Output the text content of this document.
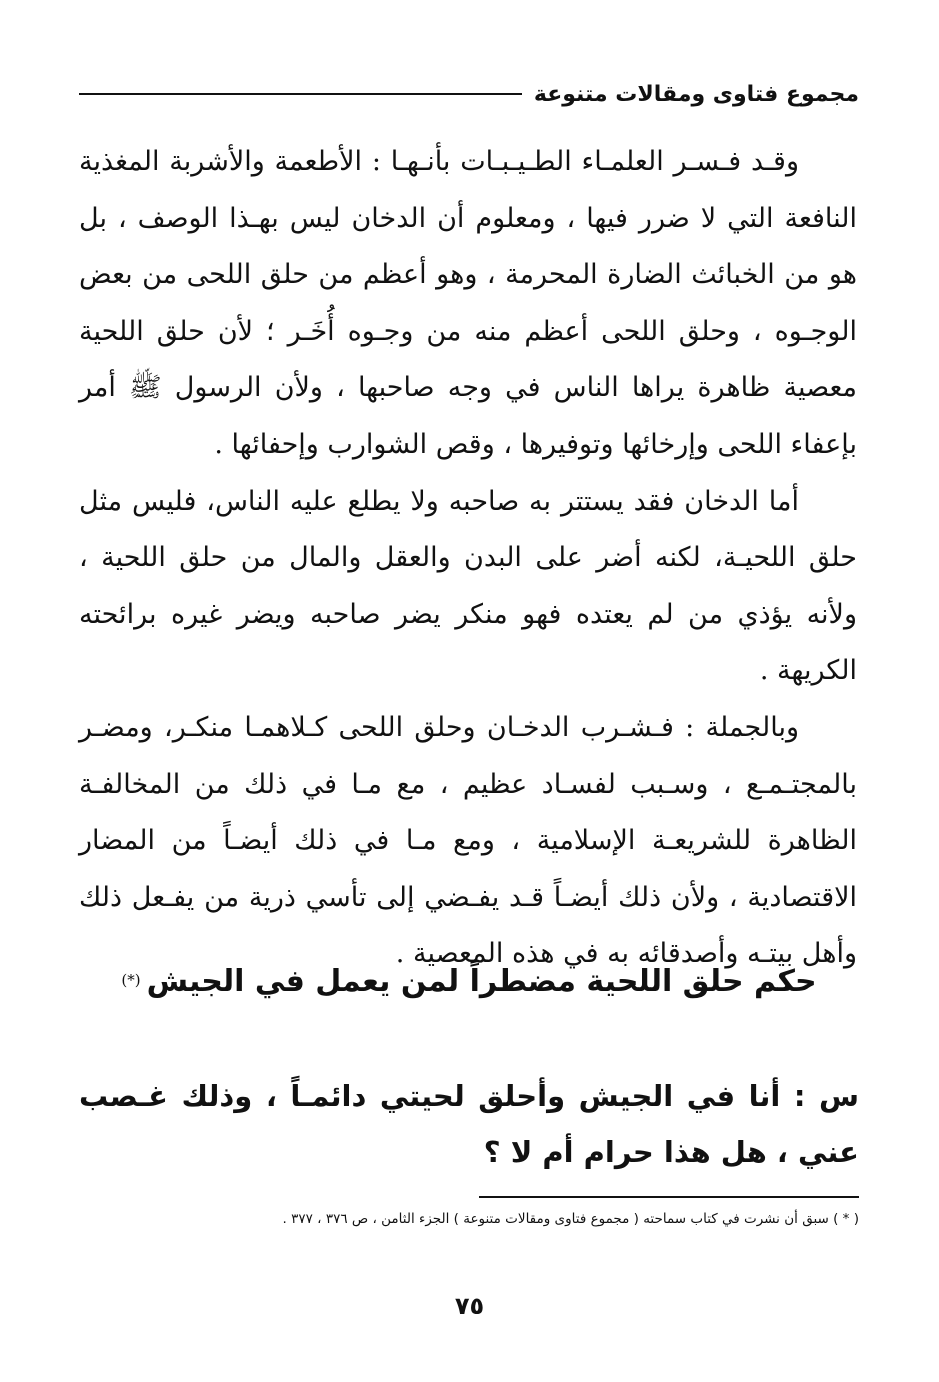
مجموع فتاوى ومقالات متنوعة

وقـد فـسـر العلمـاء الطـيـبـات بأنـهـا : الأطعمة والأشربة المغذية النافعة التي لا ضرر فيها ، ومعلوم أن الدخان ليس بهـذا الوصف ، بل هو من الخبائث الضارة المحرمة ، وهو أعظم من حلق اللحى من بعض الوجـوه ، وحلق اللحى أعظم منه من وجـوه أُخَـر ؛ لأن حلق اللحية معصية ظاهرة يراها الناس في وجه صاحبها ، ولأن الرسول ﷺ أمر بإعفاء اللحى وإرخائها وتوفيرها ، وقص الشوارب وإحفائها .

أما الدخان فقد يستتر به صاحبه ولا يطلع عليه الناس، فليس مثل حلق اللحيـة، لكنه أضر على البدن والعقل والمال من حلق اللحية ، ولأنه يؤذي من لم يعتده فهو منكر يضر صاحبه ويضر غيره برائحته الكريهة .

وبالجملة : فـشـرب الدخـان وحلق اللحى كـلاهمـا منكـر، ومضـر بالمجتـمـع ، وسـبب لفسـاد عظيم ، مع مـا في ذلك من المخالفـة الظاهرة للشريعـة الإسلامية ، ومع مـا في ذلك أيضـاً من المضار الاقتصادية ، ولأن ذلك أيضـاً قـد يفـضي إلى تأسي ذرية من يفـعل ذلك وأهل بيتـه وأصدقائه به في هذه المعصية .

حكم حلق اللحية مضطراً لمن يعمل في الجيش(*)
س : أنا في الجيش وأحلق لحيتي دائمـاً ، وذلك غـصب عني ، هل هذا حرام أم لا ؟
( * ) سبق أن نشرت في كتاب سماحته ( مجموع فتاوى ومقالات متنوعة ) الجزء الثامن ، ص ٣٧٦ ، ٣٧٧ .
٧٥
